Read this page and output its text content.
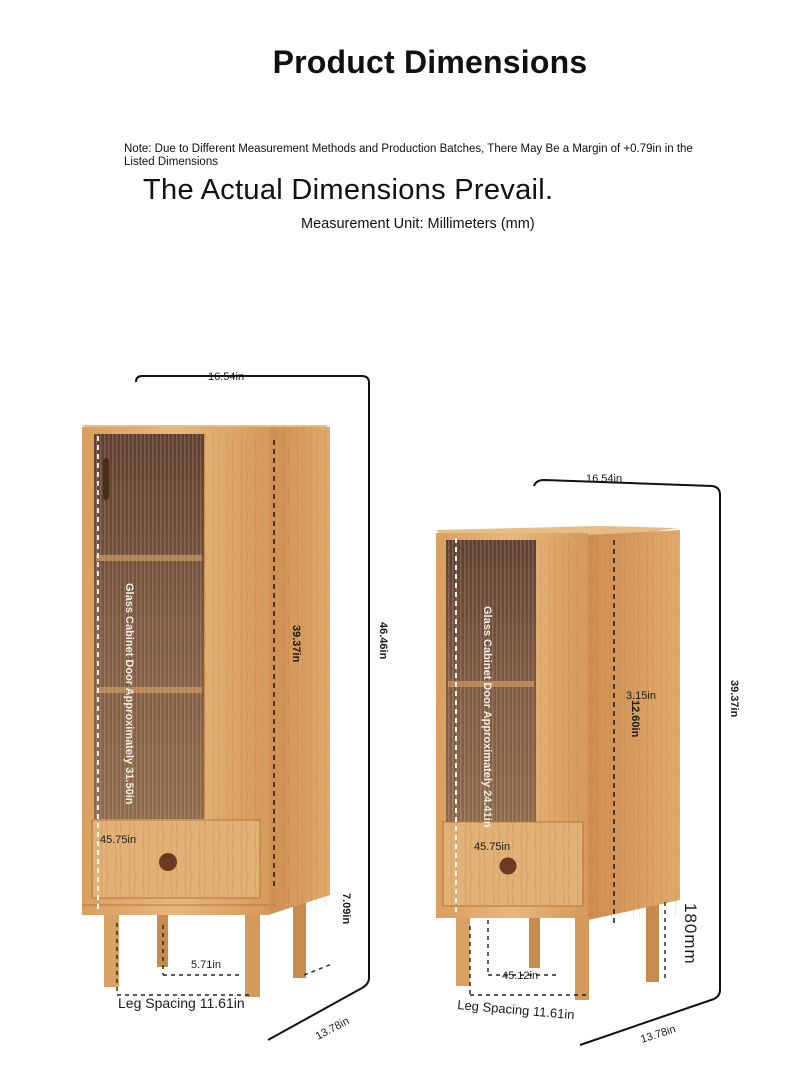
Product Dimensions
Note: Due to Different Measurement Methods and Production Batches, There May Be a Margin of +0.79in in the Listed Dimensions
The Actual Dimensions Prevail.
Measurement Unit: Millimeters (mm)
16.54in
46.46in
39.37in
Glass Cabinet Door Approximately 31.50in
45.75in
7.09in
5.71in
Leg Spacing 11.61in
13.78in
16.54in
39.37in
12.60in
3.15in
Glass Cabinet Door Approximately 24.41in
45.75in
180mm
45.12in
Leg Spacing 11.61in
13.78in
